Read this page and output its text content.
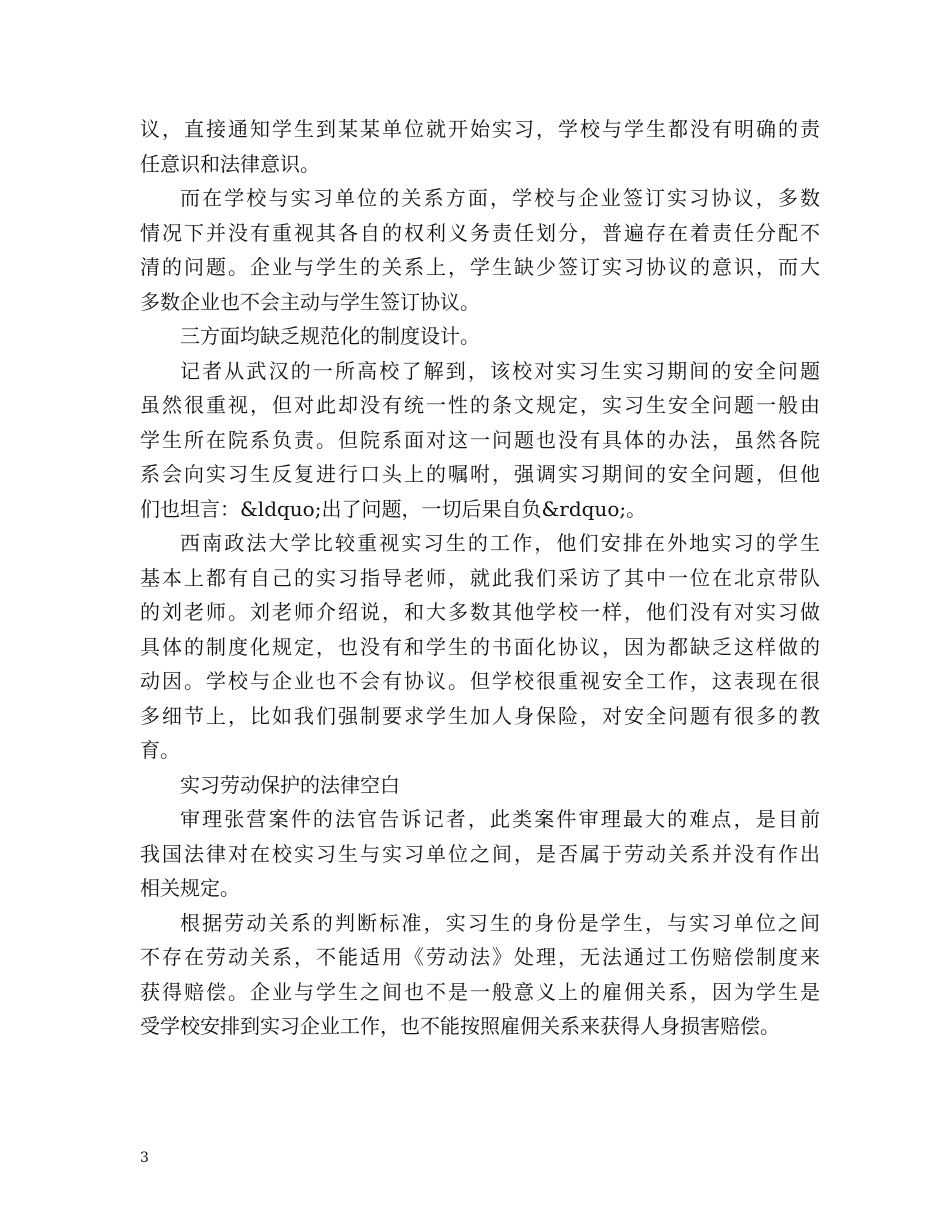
议，直接通知学生到某某单位就开始实习，学校与学生都没有明确的责
任意识和法律意识。
而在学校与实习单位的关系方面，学校与企业签订实习协议，多数
情况下并没有重视其各自的权利义务责任划分，普遍存在着责任分配不
清的问题。企业与学生的关系上，学生缺少签订实习协议的意识，而大
多数企业也不会主动与学生签订协议。
三方面均缺乏规范化的制度设计。
记者从武汉的一所高校了解到，该校对实习生实习期间的安全问题
虽然很重视，但对此却没有统一性的条文规定，实习生安全问题一般由
学生所在院系负责。但院系面对这一问题也没有具体的办法，虽然各院
系会向实习生反复进行口头上的嘱咐，强调实习期间的安全问题，但他
们也坦言：&ldquo;出了问题，一切后果自负&rdquo;。
西南政法大学比较重视实习生的工作，他们安排在外地实习的学生
基本上都有自己的实习指导老师，就此我们采访了其中一位在北京带队
的刘老师。刘老师介绍说，和大多数其他学校一样，他们没有对实习做
具体的制度化规定，也没有和学生的书面化协议，因为都缺乏这样做的
动因。学校与企业也不会有协议。但学校很重视安全工作，这表现在很
多细节上，比如我们强制要求学生加人身保险，对安全问题有很多的教
育。
实习劳动保护的法律空白
审理张营案件的法官告诉记者，此类案件审理最大的难点，是目前
我国法律对在校实习生与实习单位之间，是否属于劳动关系并没有作出
相关规定。
根据劳动关系的判断标准，实习生的身份是学生，与实习单位之间
不存在劳动关系，不能适用《劳动法》处理，无法通过工伤赔偿制度来
获得赔偿。企业与学生之间也不是一般意义上的雇佣关系，因为学生是
受学校安排到实习企业工作，也不能按照雇佣关系来获得人身损害赔偿。
3
